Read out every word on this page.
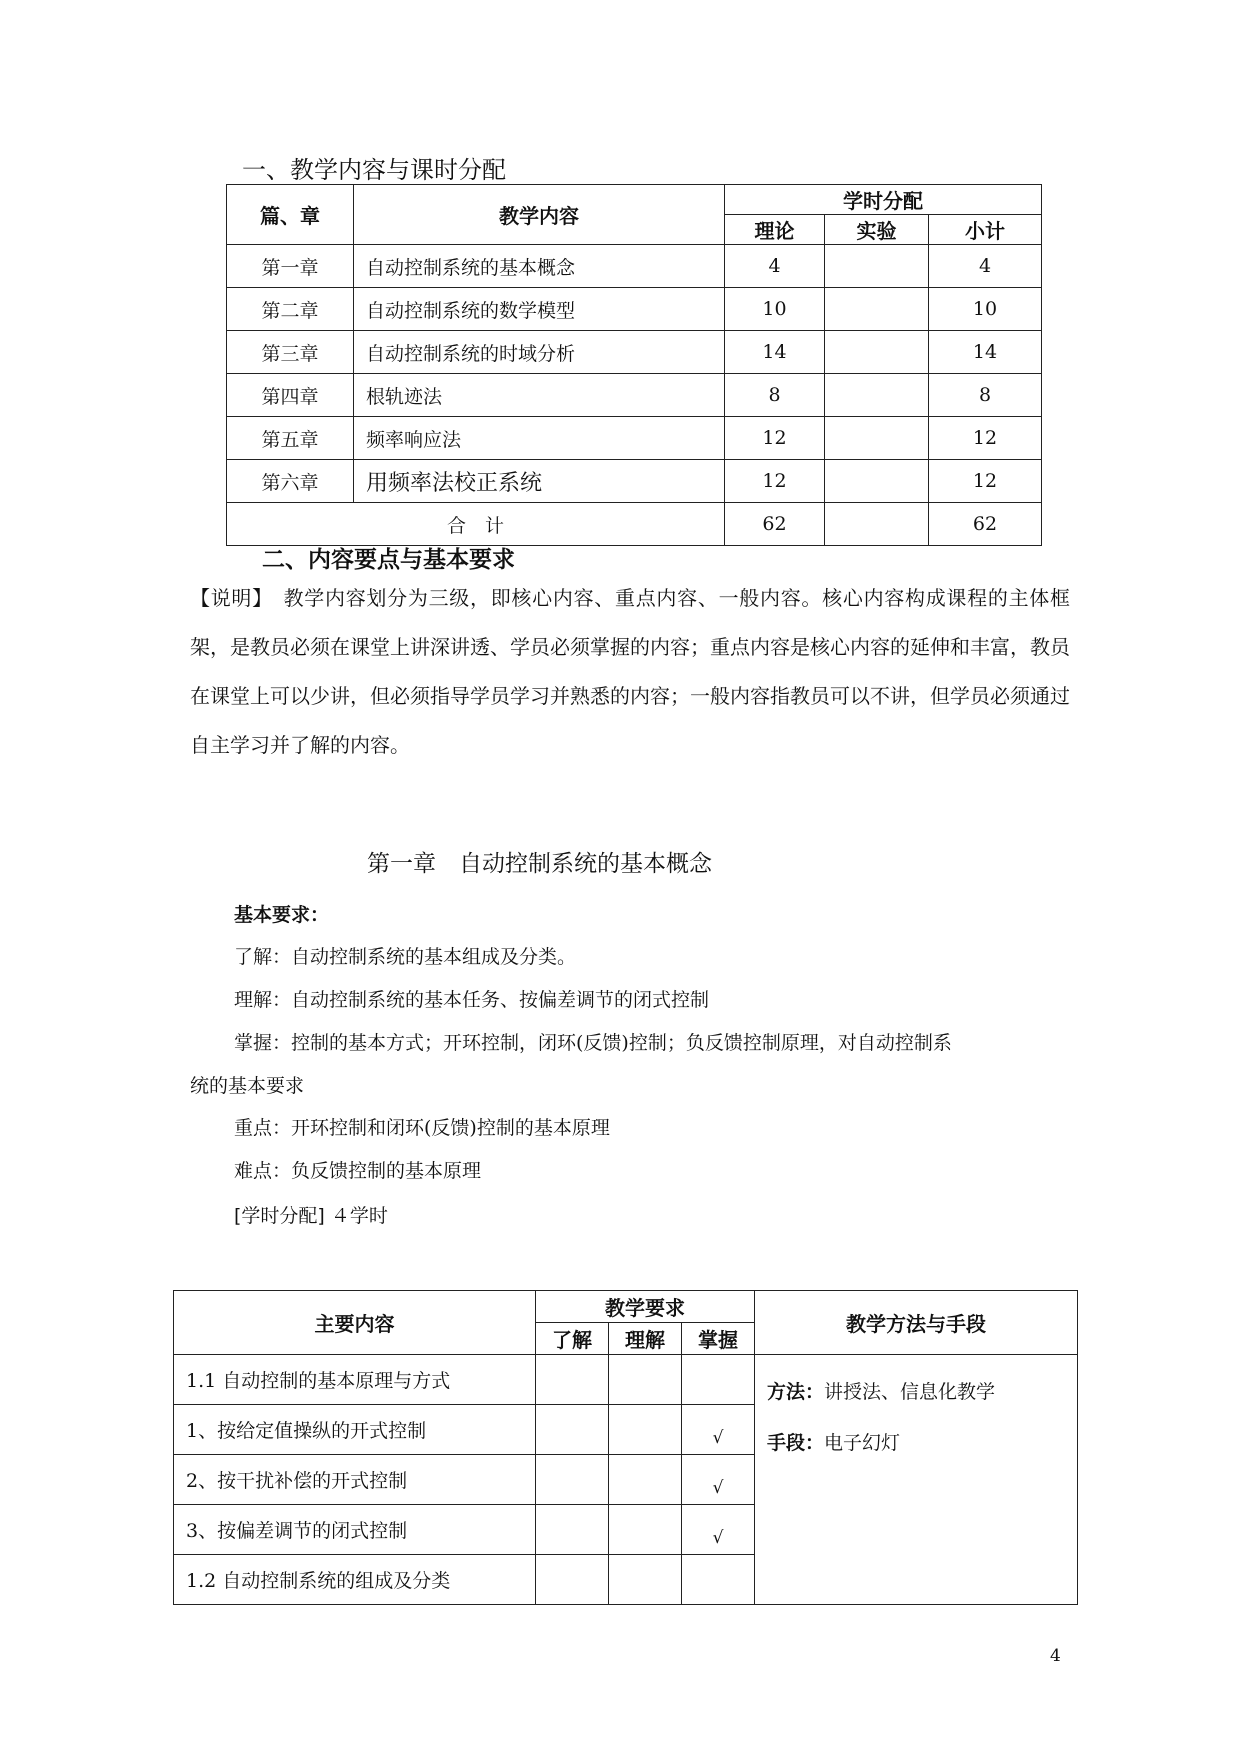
一、教学内容与课时分配
篇、章	教学内容	学时分配		
		理论	实验	小计
第一章	自动控制系统的基本概念	4		4
第二章	自动控制系统的数学模型	10		10
第三章	自动控制系统的时域分析	14		14
第四章	根轨迹法	8		8
第五章	频率响应法	12		12
第六章	用频率法校正系统	12		12
合　计		62		62
二、内容要点与基本要求
【说明】　教学内容划分为三级，即核心内容、重点内容、一般内容。核心内容构成课程的主体框架，是教员必须在课堂上讲深讲透、学员必须掌握的内容；重点内容是核心内容的延伸和丰富，教员在课堂上可以少讲，但必须指导学员学习并熟悉的内容；一般内容指教员可以不讲，但学员必须通过自主学习并了解的内容。
第一章　自动控制系统的基本概念
基本要求：
了解：自动控制系统的基本组成及分类。
理解：自动控制系统的基本任务、按偏差调节的闭式控制
掌握：控制的基本方式；开环控制，闭环(反馈)控制；负反馈控制原理，对自动控制系
统的基本要求
重点：开环控制和闭环(反馈)控制的基本原理
难点：负反馈控制的基本原理
[学时分配] ４学时
主要内容	教学要求			教学方法与手段
	了解	理解	掌握	
1.1 自动控制的基本原理与方式				方法：讲授法、信息化教学
手段：电子幻灯

1、按给定值操纵的开式控制			√	
2、按干扰补偿的开式控制			√	
3、按偏差调节的闭式控制			√	
1.2 自动控制系统的组成及分类				
4
